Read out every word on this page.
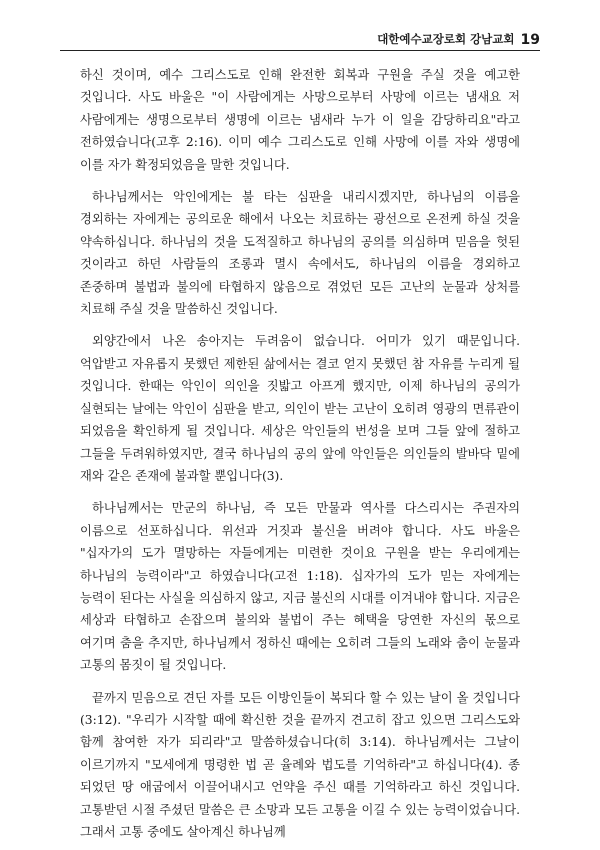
대한예수교장로회 강남교회 19

하신 것이며, 예수 그리스도로 인해 완전한 회복과 구원을 주실 것을 예고한 것입니다. 사도 바울은 "이 사람에게는 사망으로부터 사망에 이르는 냄새요 저 사람에게는 생명으로부터 생명에 이르는 냄새라 누가 이 일을 감당하리요"라고 전하였습니다(고후 2:16). 이미 예수 그리스도로 인해 사망에 이를 자와 생명에 이를 자가 확정되었음을 말한 것입니다.

하나님께서는 악인에게는 불 타는 심판을 내리시겠지만, 하나님의 이름을 경외하는 자에게는 공의로운 해에서 나오는 치료하는 광선으로 온전케 하실 것을 약속하십니다. 하나님의 것을 도적질하고 하나님의 공의를 의심하며 믿음을 헛된 것이라고 하던 사람들의 조롱과 멸시 속에서도, 하나님의 이름을 경외하고 존중하며 불법과 불의에 타협하지 않음으로 겪었던 모든 고난의 눈물과 상처를 치료해 주실 것을 말씀하신 것입니다.

외양간에서 나온 송아지는 두려움이 없습니다. 어미가 있기 때문입니다. 억압받고 자유롭지 못했던 제한된 삶에서는 결코 얻지 못했던 참 자유를 누리게 될 것입니다. 한때는 악인이 의인을 짓밟고 아프게 했지만, 이제 하나님의 공의가 실현되는 날에는 악인이 심판을 받고, 의인이 받는 고난이 오히려 영광의 면류관이 되었음을 확인하게 될 것입니다. 세상은 악인들의 번성을 보며 그들 앞에 절하고 그들을 두려워하였지만, 결국 하나님의 공의 앞에 악인들은 의인들의 발바닥 밑에 재와 같은 존재에 불과할 뿐입니다(3).

하나님께서는 만군의 하나님, 즉 모든 만물과 역사를 다스리시는 주권자의 이름으로 선포하십니다. 위선과 거짓과 불신을 버려야 합니다. 사도 바울은 "십자가의 도가 멸망하는 자들에게는 미련한 것이요 구원을 받는 우리에게는 하나님의 능력이라"고 하였습니다(고전 1:18). 십자가의 도가 믿는 자에게는 능력이 된다는 사실을 의심하지 않고, 지금 불신의 시대를 이겨내야 합니다. 지금은 세상과 타협하고 손잡으며 불의와 불법이 주는 혜택을 당연한 자신의 몫으로 여기며 춤을 추지만, 하나님께서 정하신 때에는 오히려 그들의 노래와 춤이 눈물과 고통의 몸짓이 될 것입니다.

끝까지 믿음으로 견딘 자를 모든 이방인들이 복되다 할 수 있는 날이 올 것입니다(3:12). "우리가 시작할 때에 확신한 것을 끝까지 견고히 잡고 있으면 그리스도와 함께 참여한 자가 되리라"고 말씀하셨습니다(히 3:14). 하나님께서는 그날이 이르기까지 "모세에게 명령한 법 곧 율례와 법도를 기억하라"고 하십니다(4). 종 되었던 땅 애굽에서 이끌어내시고 언약을 주신 때를 기억하라고 하신 것입니다. 고통받던 시절 주셨던 말씀은 큰 소망과 모든 고통을 이길 수 있는 능력이었습니다. 그래서 고통 중에도 살아계신 하나님께
